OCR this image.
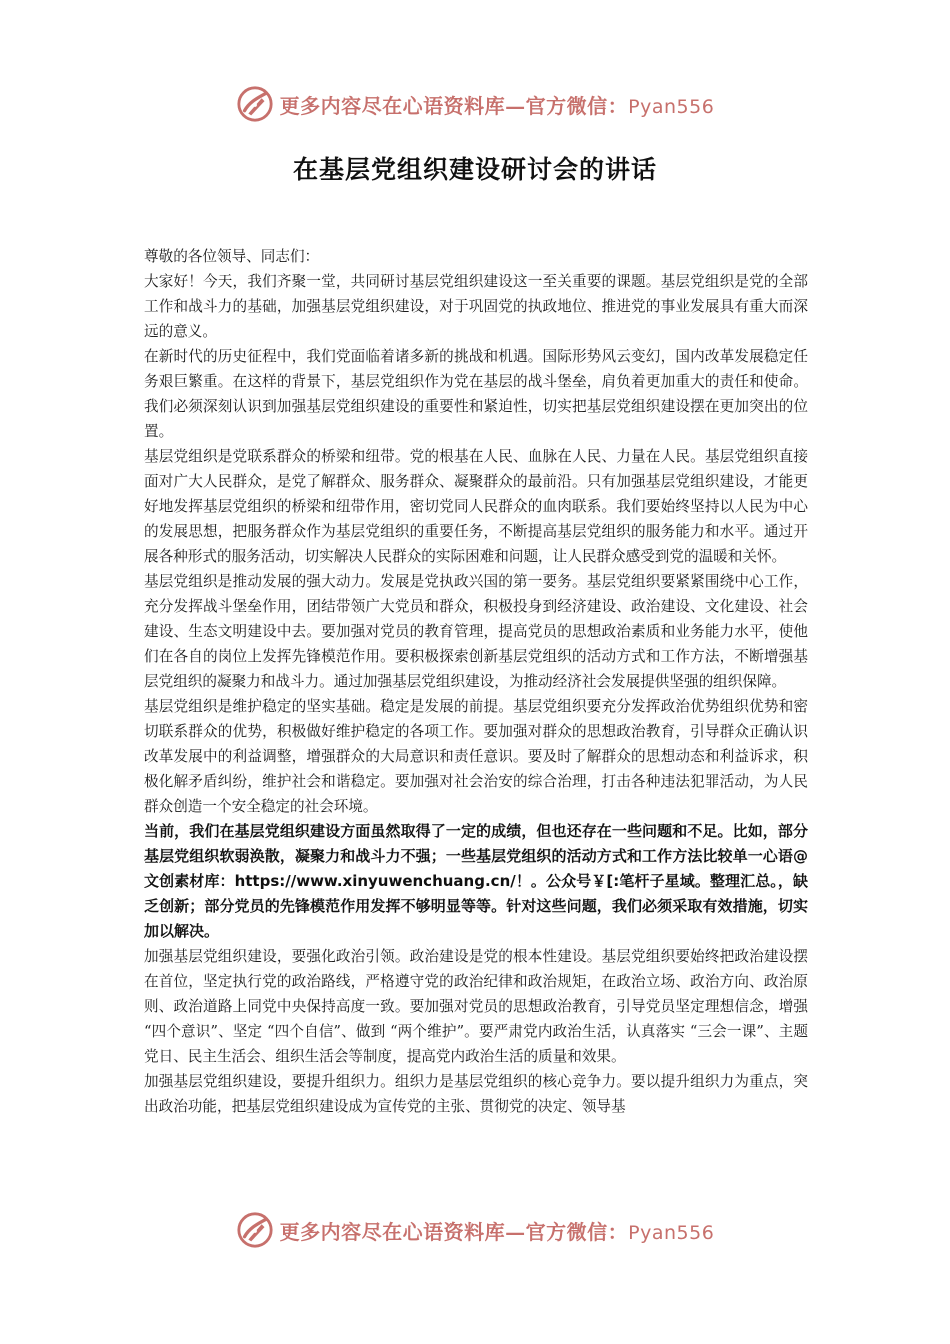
更多内容尽在心语资料库—官方微信：Pyan556
在基层党组织建设研讨会的讲话

尊敬的各位领导、同志们：

大家好！今天，我们齐聚一堂，共同研讨基层党组织建设这一至关重要的课题。基层党组织是党的全部工作和战斗力的基础，加强基层党组织建设，对于巩固党的执政地位、推进党的事业发展具有重大而深远的意义。

在新时代的历史征程中，我们党面临着诸多新的挑战和机遇。国际形势风云变幻，国内改革发展稳定任务艰巨繁重。在这样的背景下，基层党组织作为党在基层的战斗堡垒，肩负着更加重大的责任和使命。我们必须深刻认识到加强基层党组织建设的重要性和紧迫性，切实把基层党组织建设摆在更加突出的位置。

基层党组织是党联系群众的桥梁和纽带。党的根基在人民、血脉在人民、力量在人民。基层党组织直接面对广大人民群众，是党了解群众、服务群众、凝聚群众的最前沿。只有加强基层党组织建设，才能更好地发挥基层党组织的桥梁和纽带作用，密切党同人民群众的血肉联系。我们要始终坚持以人民为中心的发展思想，把服务群众作为基层党组织的重要任务，不断提高基层党组织的服务能力和水平。通过开展各种形式的服务活动，切实解决人民群众的实际困难和问题，让人民群众感受到党的温暖和关怀。

基层党组织是推动发展的强大动力。发展是党执政兴国的第一要务。基层党组织要紧紧围绕中心工作，充分发挥战斗堡垒作用，团结带领广大党员和群众，积极投身到经济建设、政治建设、文化建设、社会建设、生态文明建设中去。要加强对党员的教育管理，提高党员的思想政治素质和业务能力水平，使他们在各自的岗位上发挥先锋模范作用。要积极探索创新基层党组织的活动方式和工作方法，不断增强基层党组织的凝聚力和战斗力。通过加强基层党组织建设，为推动经济社会发展提供坚强的组织保障。

基层党组织是维护稳定的坚实基础。稳定是发展的前提。基层党组织要充分发挥政治优势组织优势和密切联系群众的优势，积极做好维护稳定的各项工作。要加强对群众的思想政治教育，引导群众正确认识改革发展中的利益调整，增强群众的大局意识和责任意识。要及时了解群众的思想动态和利益诉求，积极化解矛盾纠纷，维护社会和谐稳定。要加强对社会治安的综合治理，打击各种违法犯罪活动，为人民群众创造一个安全稳定的社会环境。

当前，我们在基层党组织建设方面虽然取得了一定的成绩，但也还存在一些问题和不足。比如，部分基层党组织软弱涣散，凝聚力和战斗力不强；一些基层党组织的活动方式和工作方法比较单一心语@文创素材库：https://www.xinyuwenchuang.cn/！。公众号￥[:笔杆子星域。整理汇总。，缺乏创新；部分党员的先锋模范作用发挥不够明显等等。针对这些问题，我们必须采取有效措施，切实加以解决。

加强基层党组织建设，要强化政治引领。政治建设是党的根本性建设。基层党组织要始终把政治建设摆在首位，坚定执行党的政治路线，严格遵守党的政治纪律和政治规矩，在政治立场、政治方向、政治原则、政治道路上同党中央保持高度一致。要加强对党员的思想政治教育，引导党员坚定理想信念，增强 “四个意识”、坚定 “四个自信”、做到 “两个维护”。要严肃党内政治生活，认真落实 “三会一课”、主题党日、民主生活会、组织生活会等制度，提高党内政治生活的质量和效果。

加强基层党组织建设，要提升组织力。组织力是基层党组织的核心竞争力。要以提升组织力为重点，突出政治功能，把基层党组织建设成为宣传党的主张、贯彻党的决定、领导基

更多内容尽在心语资料库—官方微信：Pyan556
